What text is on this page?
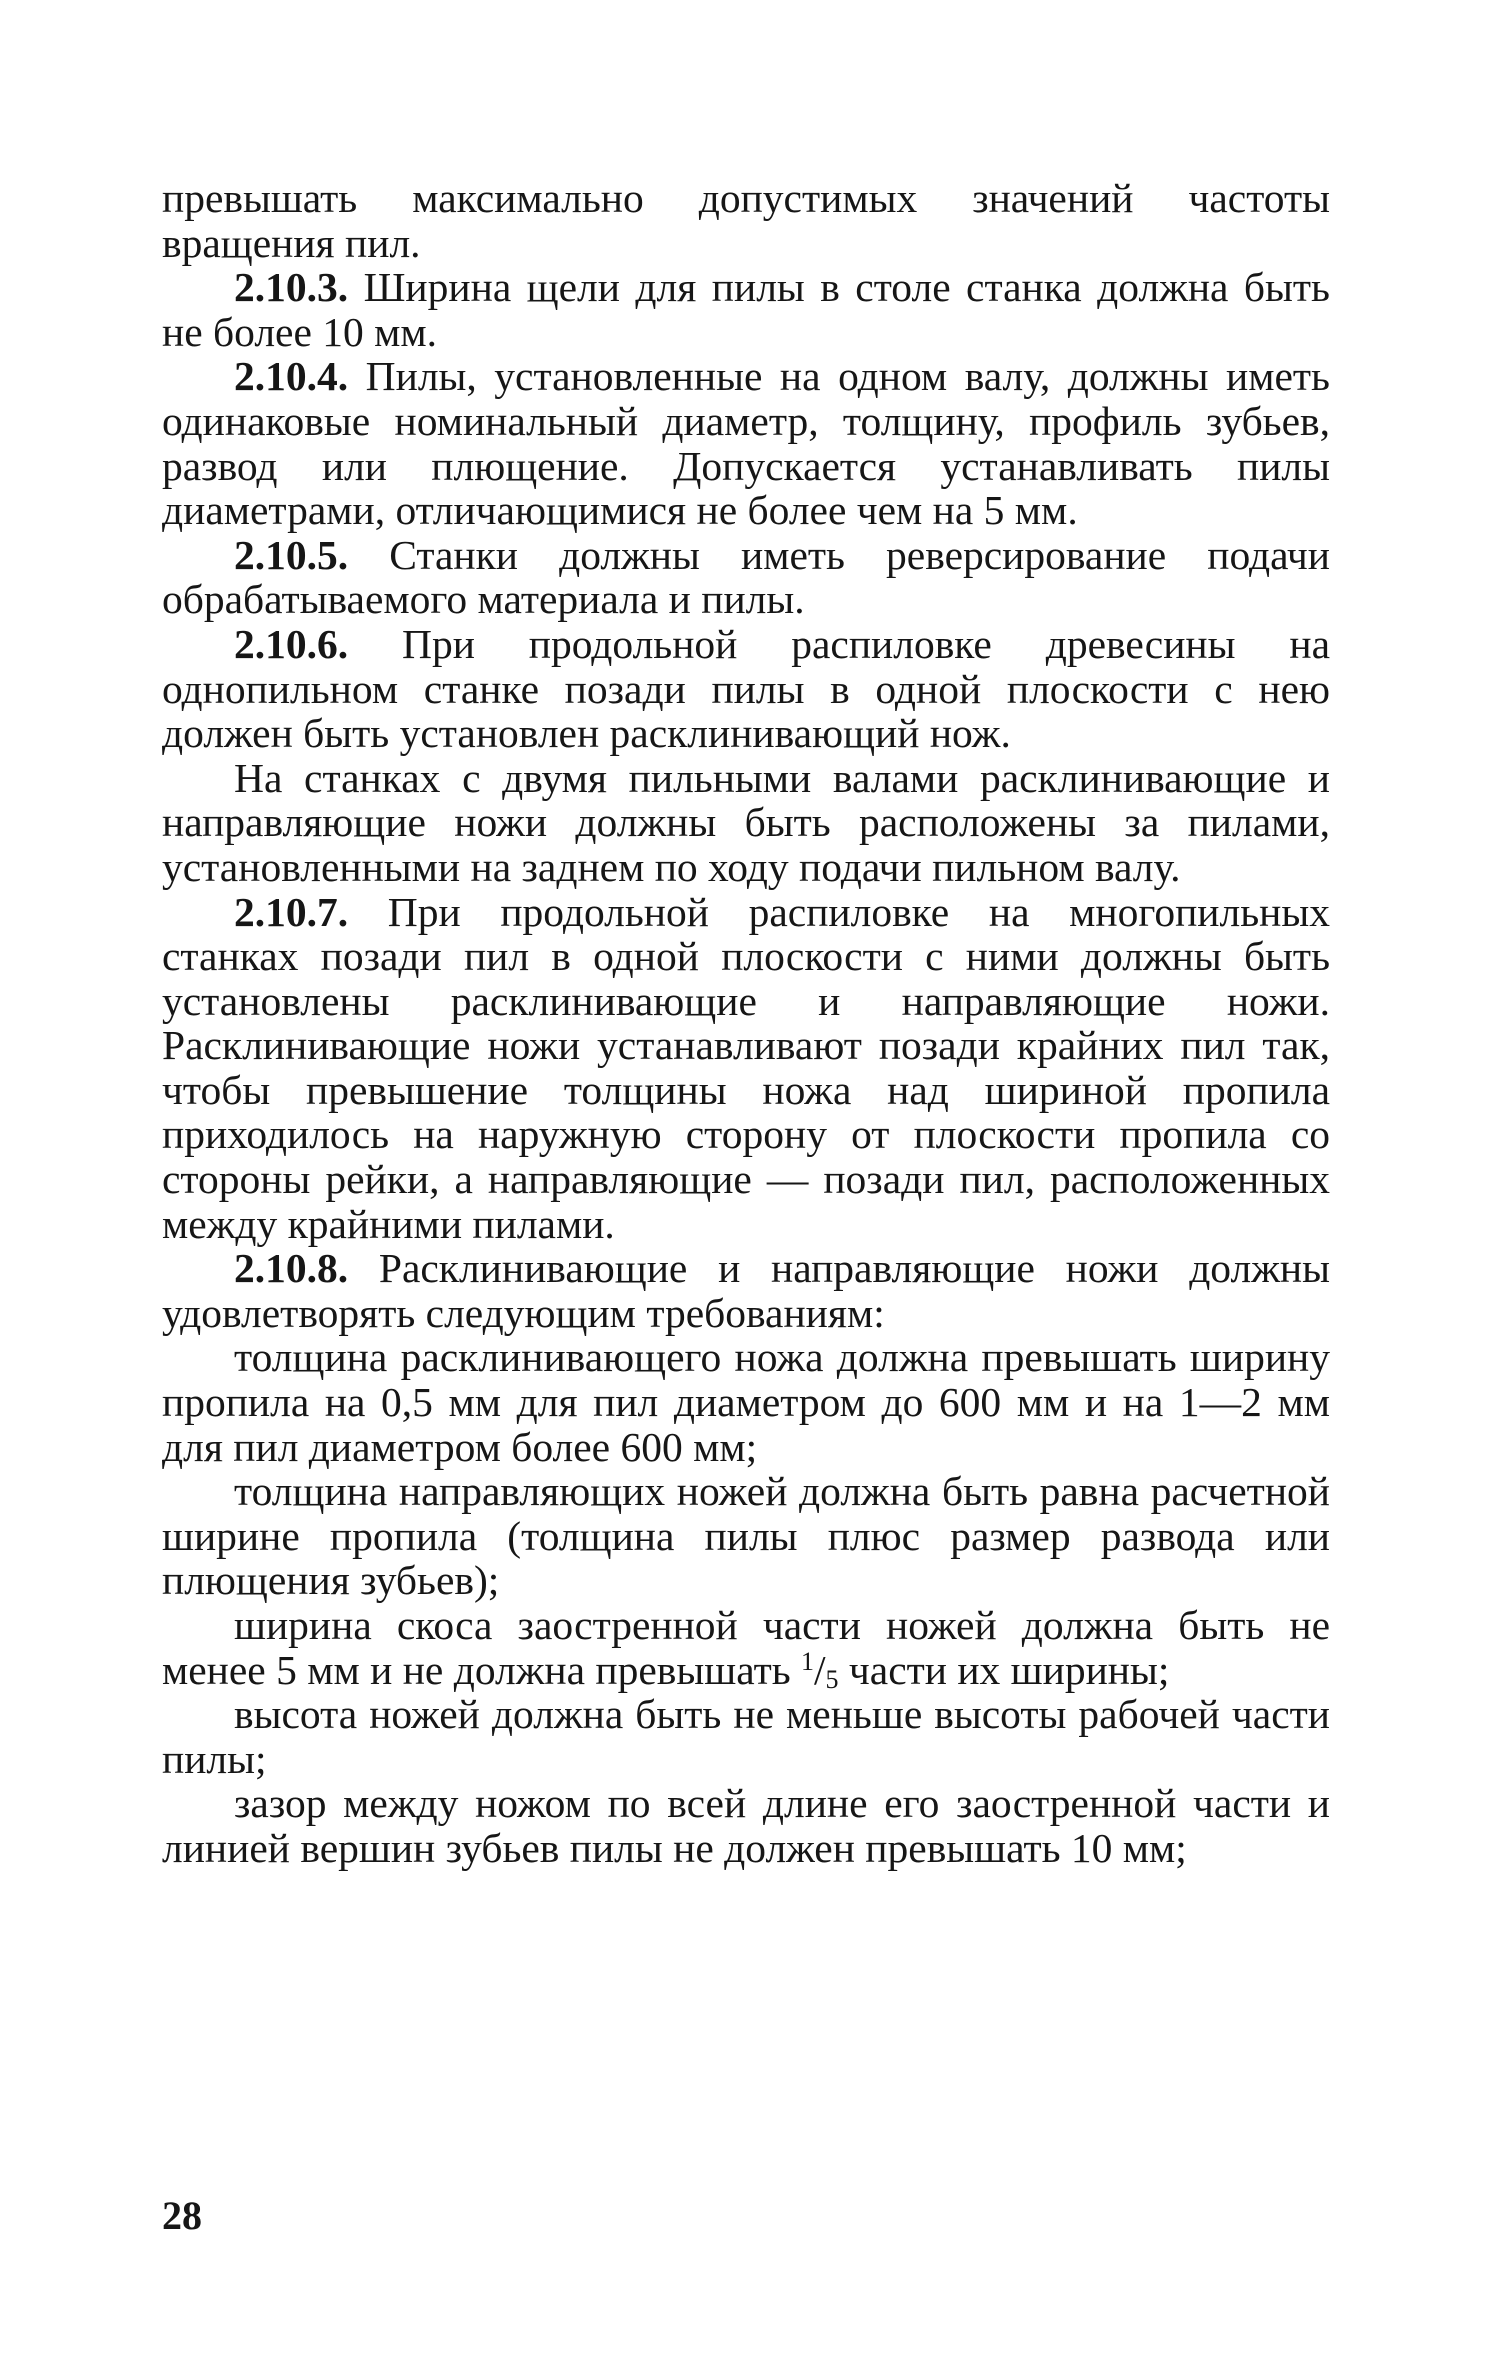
превышать максимально допустимых значений частоты вращения пил.

2.10.3. Ширина щели для пилы в столе станка должна быть не более 10 мм.

2.10.4. Пилы, установленные на одном валу, должны иметь одинаковые номинальный диаметр, толщину, профиль зубьев, развод или плющение. Допускается устанавливать пилы диаметрами, отличающимися не более чем на 5 мм.

2.10.5. Станки должны иметь реверсирование подачи обрабатываемого материала и пилы.

2.10.6. При продольной распиловке древесины на однопильном станке позади пилы в одной плоскости с нею должен быть установлен расклинивающий нож.

На станках с двумя пильными валами расклинивающие и направляющие ножи должны быть расположены за пилами, установленными на заднем по ходу подачи пильном валу.

2.10.7. При продольной распиловке на многопильных станках позади пил в одной плоскости с ними должны быть установлены расклинивающие и направляющие ножи. Расклинивающие ножи устанавливают позади крайних пил так, чтобы превышение толщины ножа над шириной пропила приходилось на наружную сторону от плоскости пропила со стороны рейки, а направляющие — позади пил, расположенных между крайними пилами.

2.10.8. Расклинивающие и направляющие ножи должны удовлетворять следующим требованиям:

толщина расклинивающего ножа должна превышать ширину пропила на 0,5 мм для пил диаметром до 600 мм и на 1—2 мм для пил диаметром более 600 мм;

толщина направляющих ножей должна быть равна расчетной ширине пропила (толщина пилы плюс размер развода или плющения зубьев);

ширина скоса заостренной части ножей должна быть не менее 5 мм и не должна превышать $^1$/5 части их ширины;

высота ножей должна быть не меньше высоты рабочей части пилы;

зазор между ножом по всей длине его заостренной части и линией вершин зубьев пилы не должен превышать 10 мм;

28
